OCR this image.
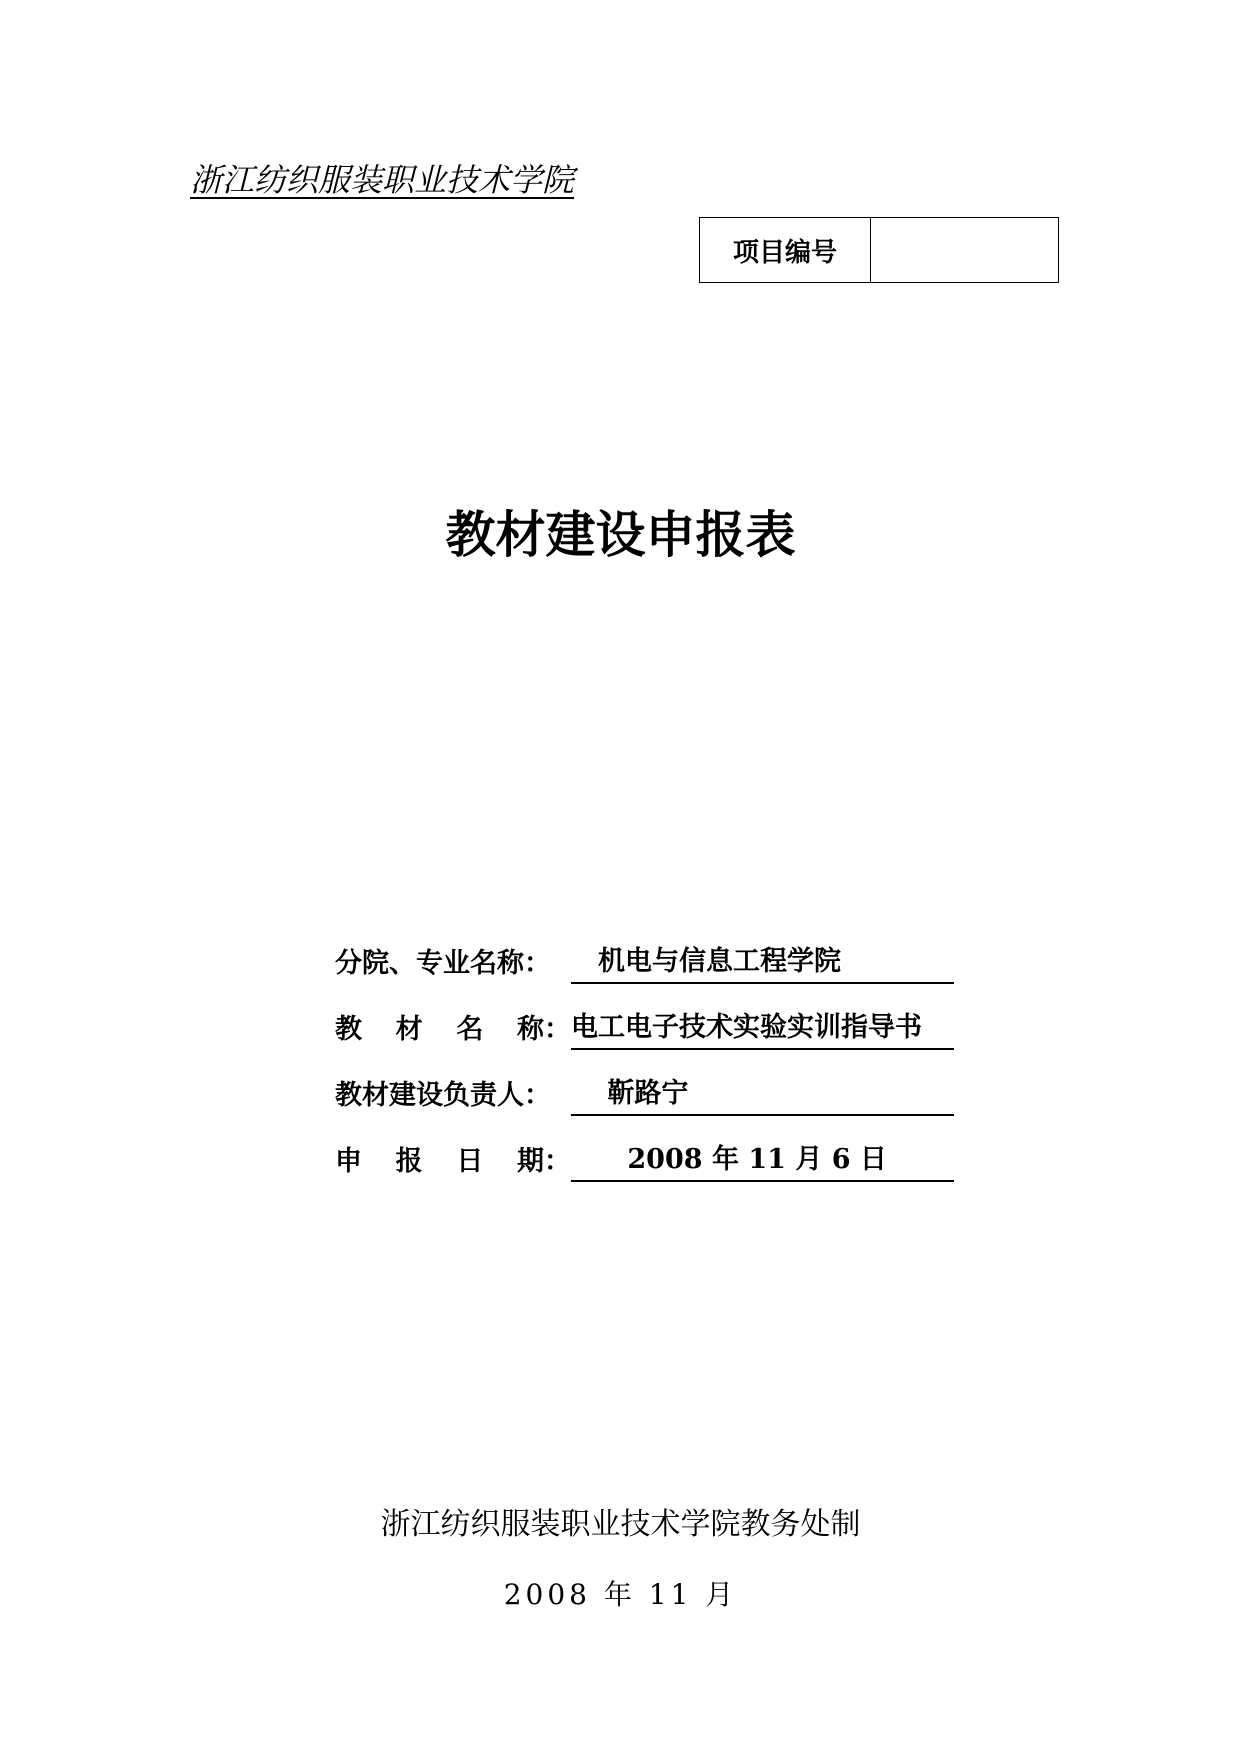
浙江纺织服装职业技术学院
项目编号
教材建设申报表
分院、专业名称： 　机电与信息工程学院
教 材 名 称： 电工电子技术实验实训指导书
教材建设负责人： 　 靳路宁
申 报 日 期： 2008 年 11 月 6 日
浙江纺织服装职业技术学院教务处制
2008 年 11 月
